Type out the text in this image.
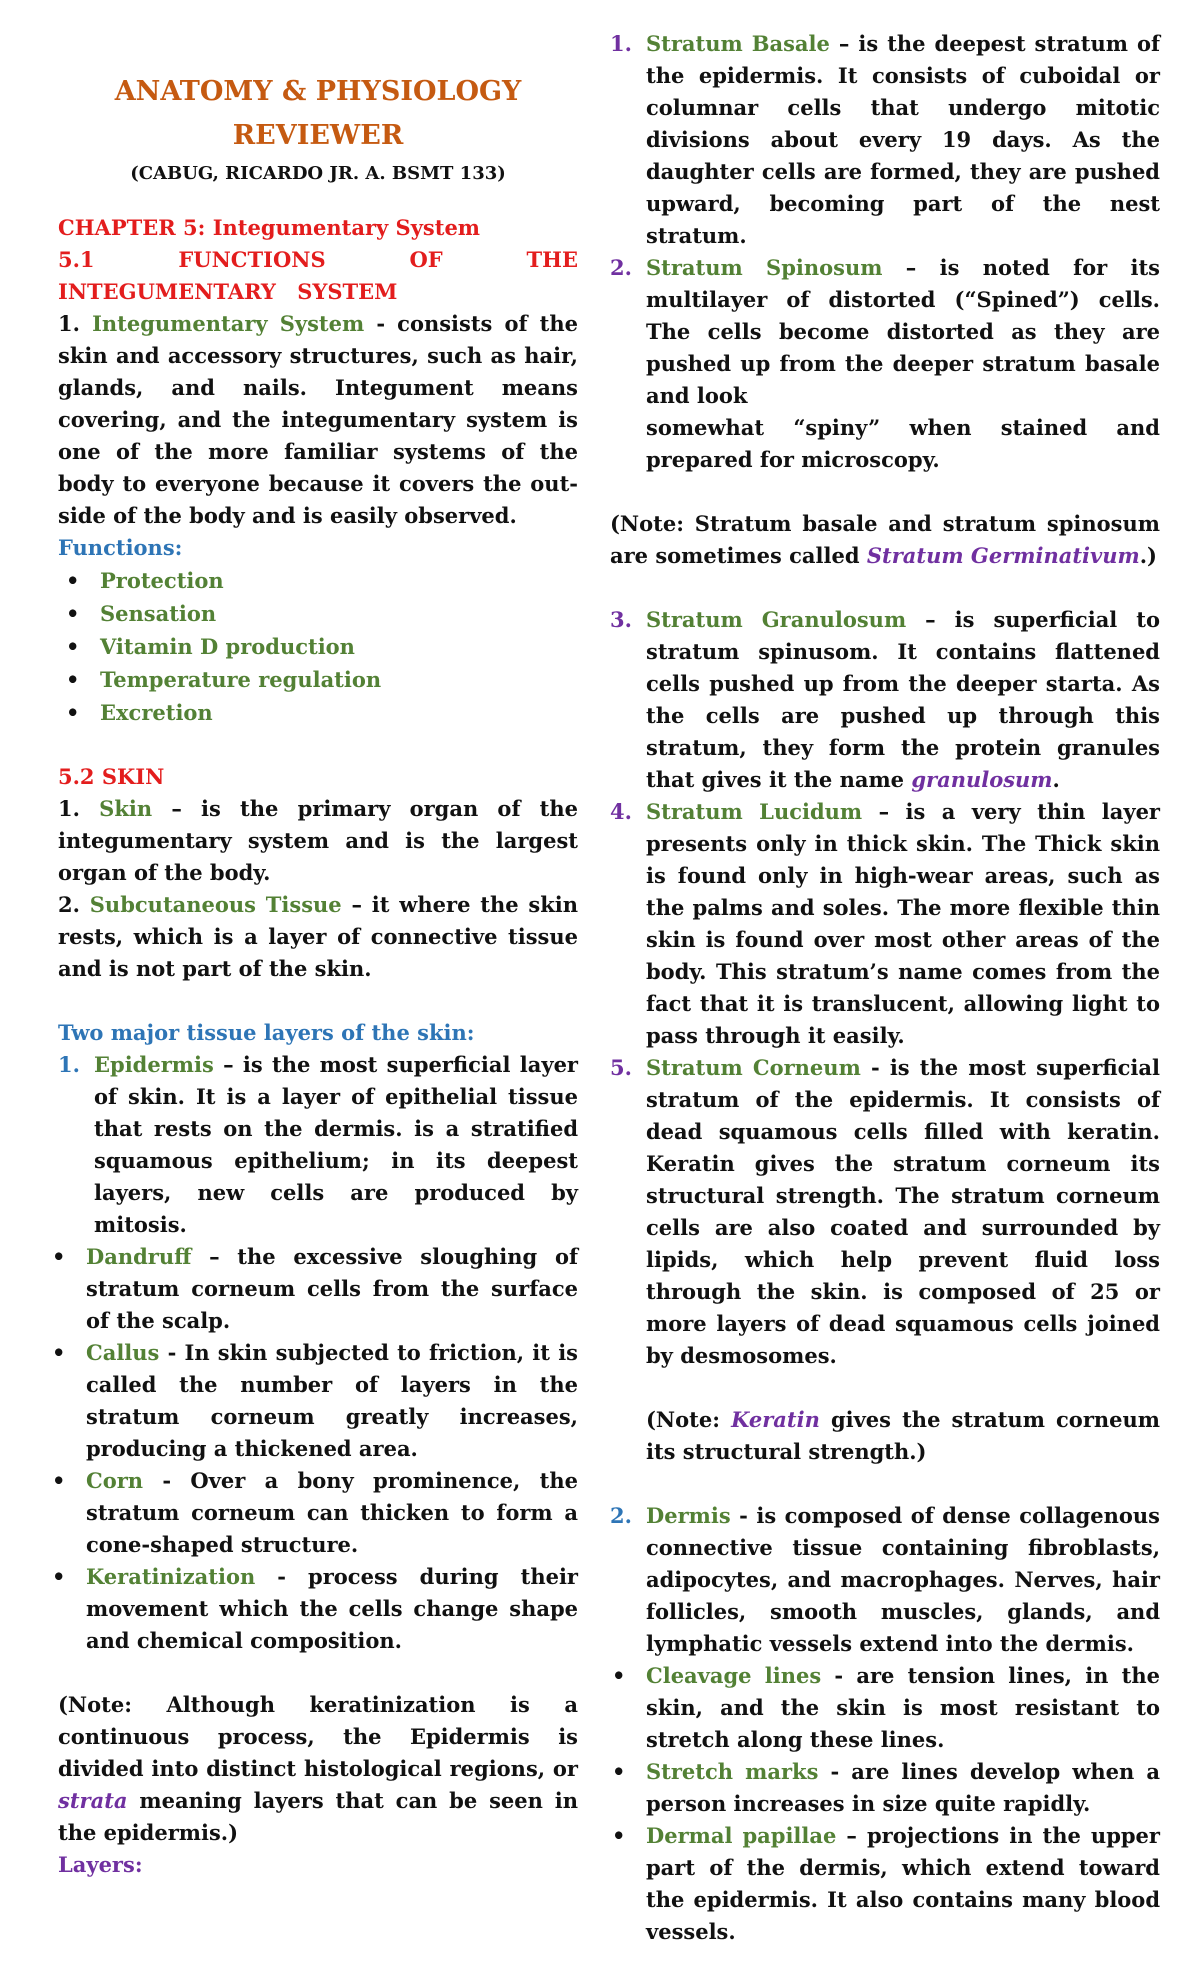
ANATOMY & PHYSIOLOGY
REVIEWER
(CABUG, RICARDO JR. A. BSMT 133)

CHAPTER 5: Integumentary System

5.1 FUNCTIONS OF THE INTEGUMENTARY SYSTEM

1. Integumentary System - consists of the skin and accessory structures, such as hair, glands, and nails. Integument means covering, and the integumentary system is one of the more familiar systems of the body to everyone because it covers the out- side of the body and is easily observed.

Functions:

• Protection
• Sensation
• Vitamin D production
• Temperature regulation
• Excretion

5.2 SKIN

1. Skin – is the primary organ of the integumentary system and is the largest organ of the body.

2. Subcutaneous Tissue – it where the skin rests, which is a layer of connective tissue and is not part of the skin.

Two major tissue layers of the skin:

1. Epidermis – is the most superficial layer of skin. It is a layer of epithelial tissue that rests on the dermis. is a stratified squamous epithelium; in its deepest layers, new cells are produced by mitosis.
• Dandruff – the excessive sloughing of stratum corneum cells from the surface of the scalp.
• Callus - In skin subjected to friction, it is called the number of layers in the stratum corneum greatly increases, producing a thickened area.
• Corn - Over a bony prominence, the stratum corneum can thicken to form a cone-shaped structure.
• Keratinization - process during their movement which the cells change shape and chemical composition.

(Note: Although keratinization is a continuous process, the Epidermis is divided into distinct histological regions, or strata meaning layers that can be seen in the epidermis.)

Layers:

1. Stratum Basale – is the deepest stratum of the epidermis. It consists of cuboidal or columnar cells that undergo mitotic divisions about every 19 days. As the daughter cells are formed, they are pushed upward, becoming part of the nest stratum.
2. Stratum Spinosum – is noted for its multilayer of distorted (“Spined”) cells. The cells become distorted as they are pushed up from the deeper stratum basale and look
somewhat “spiny” when stained and prepared for microscopy.

(Note: Stratum basale and stratum spinosum are sometimes called Stratum Germinativum.)

3. Stratum Granulosum – is superficial to stratum spinusom. It contains flattened cells pushed up from the deeper starta. As the cells are pushed up through this stratum, they form the protein granules that gives it the name granulosum.
4. Stratum Lucidum – is a very thin layer presents only in thick skin. The Thick skin is found only in high-wear areas, such as the palms and soles. The more flexible thin skin is found over most other areas of the body. This stratum’s name comes from the fact that it is translucent, allowing light to pass through it easily.
5. Stratum Corneum - is the most superficial stratum of the epidermis. It consists of dead squamous cells filled with keratin. Keratin gives the stratum corneum its structural strength. The stratum corneum cells are also coated and surrounded by lipids, which help prevent fluid loss through the skin. is composed of 25 or more layers of dead squamous cells joined by desmosomes.

(Note: Keratin gives the stratum corneum its structural strength.)

2. Dermis - is composed of dense collagenous connective tissue containing fibroblasts, adipocytes, and macrophages. Nerves, hair follicles, smooth muscles, glands, and lymphatic vessels extend into the dermis.
• Cleavage lines - are tension lines, in the skin, and the skin is most resistant to stretch along these lines.
• Stretch marks - are lines develop when a person increases in size quite rapidly.
• Dermal papillae – projections in the upper part of the dermis, which extend toward the epidermis. It also contains many blood vessels.
